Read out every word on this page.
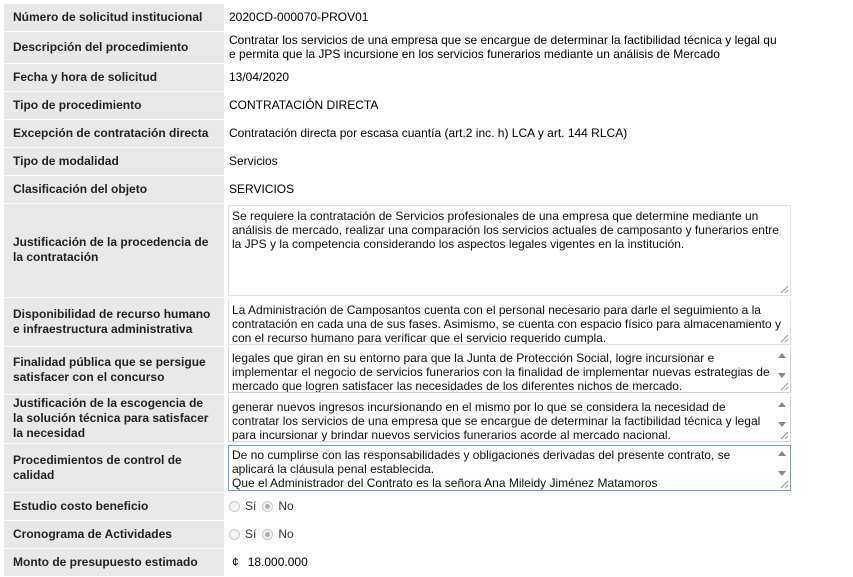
Número de solicitud institucional	2020CD-000070-PROV01
Descripción del procedimiento	Contratar los servicios de una empresa que se encargue de determinar la factibilidad técnica y legal qu e permita que la JPS incursione en los servicios funerarios mediante un análisis de Mercado

Fecha y hora de solicitud	13/04/2020
Tipo de procedimiento	CONTRATACIÓN DIRECTA
Excepción de contratación directa	Contratación directa por escasa cuantía (art.2 inc. h) LCA y art. 144 RLCA)
Tipo de modalidad	Servicios
Clasificación del objeto	SERVICIOS
Justificación de la procedencia de la contratación	Se requiere la contratación de Servicios profesionales de una empresa que determine mediante un análisis de mercado, realizar una comparación los servicios actuales de camposanto y funerarios entre la JPS y la competencia considerando los aspectos legales vigentes en la institución.

Disponibilidad de recurso humano e infraestructura administrativa	La Administración de Camposantos cuenta con el personal necesario para darle el seguimiento a la contratación en cada una de sus fases. Asimismo, se cuenta con espacio físico para almacenamiento y con el recurso humano para verificar que el servicio requerido cumpla.

Finalidad pública que se persigue satisfacer con el concurso	legales que giran en su entorno para que la Junta de Protección Social, logre incursionar e implementar el negocio de servicios funerarios con la finalidad de implementar nuevas estrategias de mercado que logren satisfacer las necesidades de los diferentes nichos de mercado.

Justificación de la escogencia de la solución técnica para satisfacer la necesidad	generar nuevos ingresos incursionando en el mismo por lo que se considera la necesidad de contratar los servicios de una empresa que se encargue de determinar la factibilidad técnica y legal para incursionar y brindar nuevos servicios funerarios acorde al mercado nacional.

Procedimientos de control de calidad	De no cumplirse con las responsabilidades y obligaciones derivadas del presente contrato, se
aplicará la cláusula penal establecida.
Que el Administrador del Contrato es la señora Ana Mileidy Jiménez Matamoros

Estudio costo beneficio	Sí No

Cronograma de Actividades	Sí No

Monto de presupuesto estimado	¢ 18.000.000
